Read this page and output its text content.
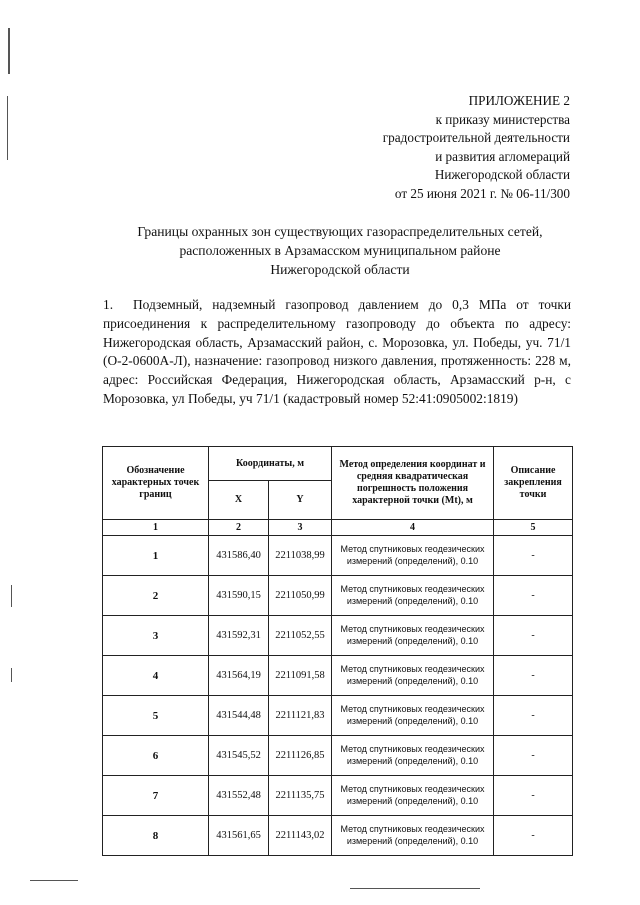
ПРИЛОЖЕНИЕ 2
к приказу министерства
градостроительной деятельности
и развития агломераций
Нижегородской области
от 25 июня 2021 г. № 06-11/300
Границы охранных зон существующих газораспределительных сетей,
расположенных в Арзамасском муниципальном районе
Нижегородской области
1. Подземный, надземный газопровод давлением до 0,3 МПа от точки присоединения к распределительному газопроводу до объекта по адресу: Нижегородская область, Арзамасский район, с. Морозовка, ул. Победы, уч. 71/1 (О-2-0600А-Л), назначение: газопровод низкого давления, протяженность: 228 м, адрес: Российская Федерация, Нижегородская область, Арзамасский р-н, с Морозовка, ул Победы, уч 71/1 (кадастровый номер 52:41:0905002:1819)
Обозначение характерных точек границ	Координаты, м		Метод определения координат и средняя квадратическая погрешность положения характерной точки (Mt), м	Описание закрепления точки
	X	Y		
1	2	3	4	5
1	431586,40	2211038,99	Метод спутниковых геодезических измерений (определений), 0.10	-
2	431590,15	2211050,99	Метод спутниковых геодезических измерений (определений), 0.10	-
3	431592,31	2211052,55	Метод спутниковых геодезических измерений (определений), 0.10	-
4	431564,19	2211091,58	Метод спутниковых геодезических измерений (определений), 0.10	-
5	431544,48	2211121,83	Метод спутниковых геодезических измерений (определений), 0.10	-
6	431545,52	2211126,85	Метод спутниковых геодезических измерений (определений), 0.10	-
7	431552,48	2211135,75	Метод спутниковых геодезических измерений (определений), 0.10	-
8	431561,65	2211143,02	Метод спутниковых геодезических измерений (определений), 0.10	-
